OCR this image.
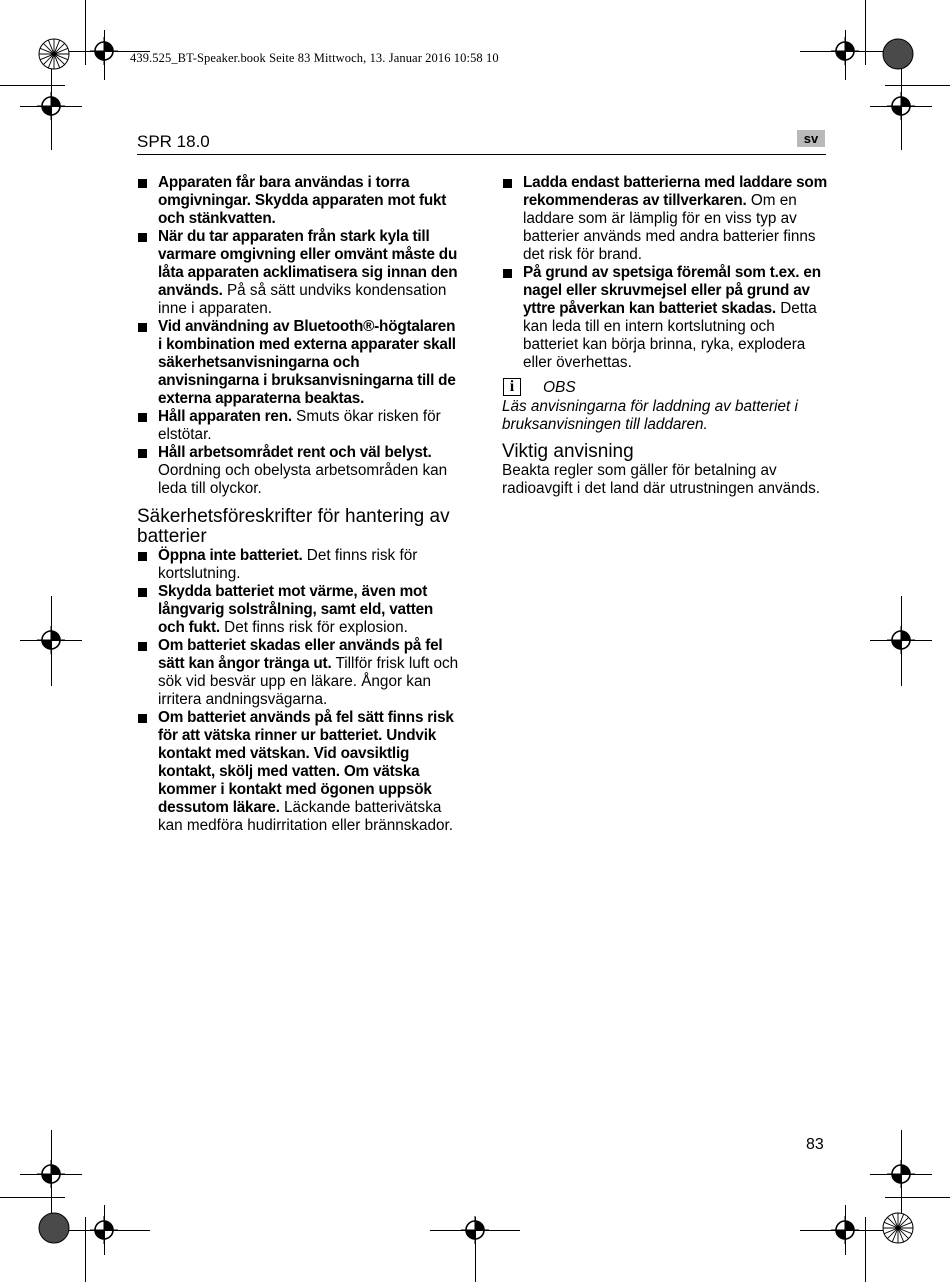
439.525_BT-Speaker.book Seite 83 Mittwoch, 13. Januar 2016 10:58 10
SPR 18.0	sv
Apparaten får bara användas i torra omgivningar. Skydda apparaten mot fukt och stänkvatten.
När du tar apparaten från stark kyla till varmare omgivning eller omvänt måste du låta apparaten acklimatisera sig innan den används. På så sätt undviks kondensation inne i apparaten.
Vid användning av Bluetooth®-högtalaren i kombination med externa apparater skall säkerhetsanvisningarna och anvisningarna i bruksanvisningarna till de externa apparaterna beaktas.
Håll apparaten ren. Smuts ökar risken för elstötar.
Håll arbetsområdet rent och väl belyst. Oordning och obelysta arbetsområden kan leda till olyckor.
Säkerhetsföreskrifter för hantering av batterier
Öppna inte batteriet. Det finns risk för kortslutning.
Skydda batteriet mot värme, även mot långvarig solstrålning, samt eld, vatten och fukt. Det finns risk för explosion.
Om batteriet skadas eller används på fel sätt kan ångor tränga ut. Tillför frisk luft och sök vid besvär upp en läkare. Ångor kan irritera andningsvägarna.
Om batteriet används på fel sätt finns risk för att vätska rinner ur batteriet. Undvik kontakt med vätskan. Vid oavsiktlig kontakt, skölj med vatten. Om vätska kommer i kontakt med ögonen uppsök dessutom läkare. Läckande batterivätska kan medföra hudirritation eller brännskador.
Ladda endast batterierna med laddare som rekommenderas av tillverkaren. Om en laddare som är lämplig för en viss typ av batterier används med andra batterier finns det risk för brand.
På grund av spetsiga föremål som t.ex. en nagel eller skruvmejsel eller på grund av yttre påverkan kan batteriet skadas. Detta kan leda till en intern kortslutning och batteriet kan börja brinna, ryka, explodera eller överhettas.
i	OBS
Läs anvisningarna för laddning av batteriet i bruksanvisningen till laddaren.
Viktig anvisning
Beakta regler som gäller för betalning av radioavgift i det land där utrustningen används.
83
